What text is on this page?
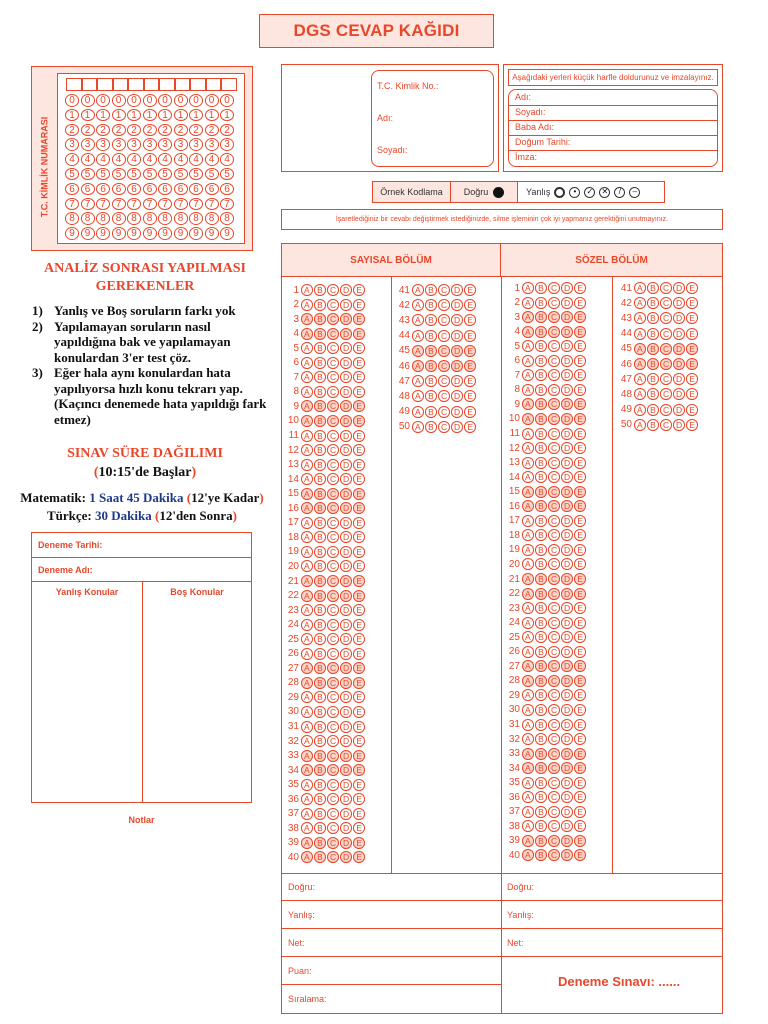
DGS CEVAP KAĞIDI
T.C. KİMLİK NUMARASI
0 0 0 0 0 0 0 0 0 0 0
1 1 1 1 1 1 1 1 1 1 1
2 2 2 2 2 2 2 2 2 2 2
3 3 3 3 3 3 3 3 3 3 3
4 4 4 4 4 4 4 4 4 4 4
5 5 5 5 5 5 5 5 5 5 5
6 6 6 6 6 6 6 6 6 6 6
7 7 7 7 7 7 7 7 7 7 7
8 8 8 8 8 8 8 8 8 8 8
9 9 9 9 9 9 9 9 9 9 9
T.C. Kimlik No.:
Adı:
Soyadı:
Aşağıdaki yerleri küçük harfle doldurunuz ve imzalayınız.
Adı:
Soyadı:
Baba Adı:
Doğum Tarihi:
İmza:
Örnek Kodlama	Doğru	Yanlış	•	✓ ✕	/	–
İşaretlediğiniz bir cevabı değiştirmek istediğinizde, silme işleminin çok iyi yapmanız gerektiğini unutmayınız.
ANALİZ SONRASI YAPILMASI
GEREKENLER
1) Yanlış ve Boş soruların farkı yok
2) Yapılamayan soruların nasıl yapıldığına bak ve yapılamayan konulardan 3'er test çöz.
3) Eğer hala aynı konulardan hata yapılıyorsa hızlı konu tekrarı yap. (Kaçıncı denemede hata yapıldığı fark etmez)
SINAV SÜRE DAĞILIMI
(10:15'de Başlar)
Matematik: 1 Saat 45 Dakika (12'ye Kadar)
Türkçe: 30 Dakika (12'den Sonra)
Deneme Tarihi:
Deneme Adı:
Yanlış Konular	Boş Konular
Notlar
SAYISAL BÖLÜM	SÖZEL BÖLÜM
1 A B C D E
2 A B C D E
3 A B C D E
4 A B C D E
5 A B C D E
6 A B C D E
7 A B C D E
8 A B C D E
9 A B C D E
10 A B C D E
11 A B C D E
12 A B C D E
13 A B C D E
14 A B C D E
15 A B C D E
16 A B C D E
17 A B C D E
18 A B C D E
19 A B C D E
20 A B C D E
21 A B C D E
22 A B C D E
23 A B C D E
24 A B C D E
25 A B C D E
26 A B C D E
27 A B C D E
28 A B C D E
29 A B C D E
30 A B C D E
31 A B C D E
32 A B C D E
33 A B C D E
34 A B C D E
35 A B C D E
36 A B C D E
37 A B C D E
38 A B C D E
39 A B C D E
40 A B C D E
41 A B C D E
42 A B C D E
43 A B C D E
44 A B C D E
45 A B C D E
46 A B C D E
47 A B C D E
48 A B C D E
49 A B C D E
50 A B C D E
1 A B C D E
2 A B C D E
3 A B C D E
4 A B C D E
5 A B C D E
6 A B C D E
7 A B C D E
8 A B C D E
9 A B C D E
10 A B C D E
11 A B C D E
12 A B C D E
13 A B C D E
14 A B C D E
15 A B C D E
16 A B C D E
17 A B C D E
18 A B C D E
19 A B C D E
20 A B C D E
21 A B C D E
22 A B C D E
23 A B C D E
24 A B C D E
25 A B C D E
26 A B C D E
27 A B C D E
28 A B C D E
29 A B C D E
30 A B C D E
31 A B C D E
32 A B C D E
33 A B C D E
34 A B C D E
35 A B C D E
36 A B C D E
37 A B C D E
38 A B C D E
39 A B C D E
40 A B C D E
41 A B C D E
42 A B C D E
43 A B C D E
44 A B C D E
45 A B C D E
46 A B C D E
47 A B C D E
48 A B C D E
49 A B C D E
50 A B C D E
Doğru:
Yanlış:
Net:
Puan:
Sıralama:
Doğru:
Yanlış:
Net:
Deneme Sınavı: ......
